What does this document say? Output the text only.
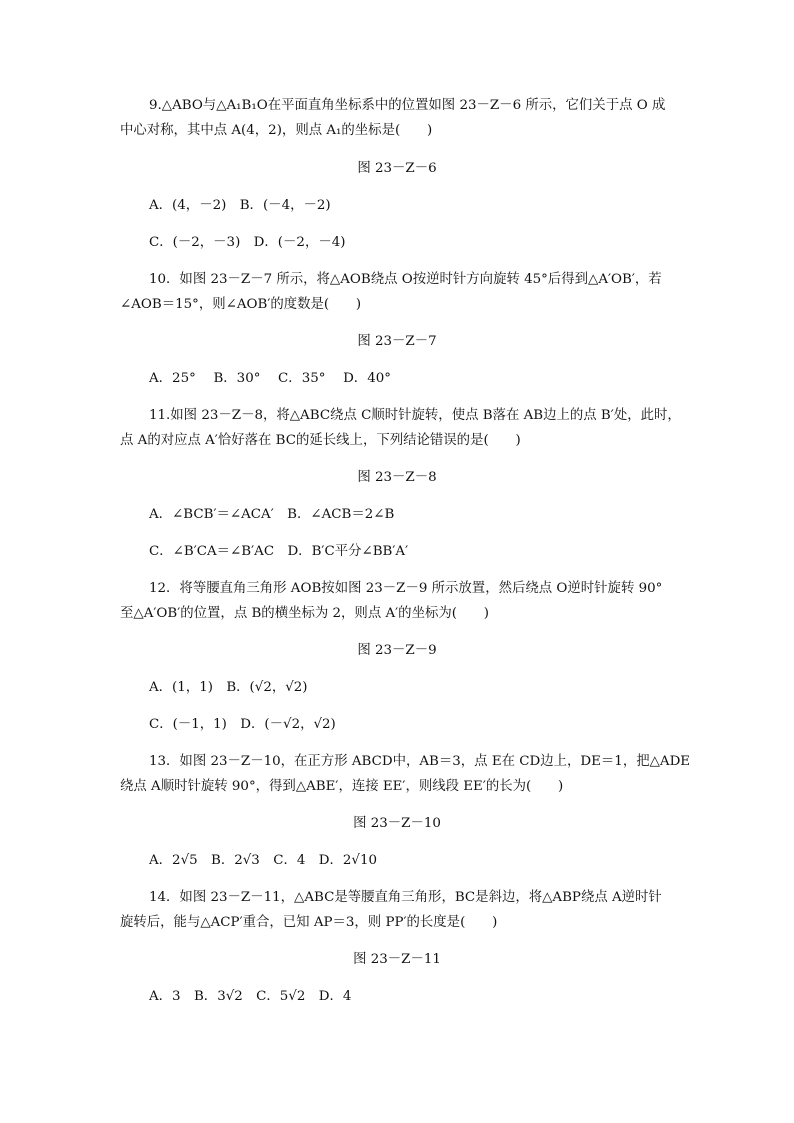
9.△ABO与△A₁B₁O在平面直角坐标系中的位置如图 23－Z－6 所示，它们关于点 O 成
中心对称，其中点 A(4，2)，则点 A₁的坐标是(　　)
图 23－Z－6
A．(4，－2)　B．(－4，－2)
C．(－2，－3)　D．(－2，－4)
10．如图 23－Z－7 所示，将△AOB绕点 O按逆时针方向旋转 45°后得到△A′OB′，若
∠AOB＝15°，则∠AOB′的度数是(　　)
图 23－Z－7
A．25°　 B．30°　 C．35°　 D．40°
11.如图 23－Z－8，将△ABC绕点 C顺时针旋转，使点 B落在 AB边上的点 B′处，此时，
点 A的对应点 A′恰好落在 BC的延长线上，下列结论错误的是(　　)
图 23－Z－8
A．∠BCB′＝∠ACA′　B．∠ACB＝2∠B
C．∠B′CA＝∠B′AC　D．B′C平分∠BB′A′
12．将等腰直角三角形 AOB按如图 23－Z－9 所示放置，然后绕点 O逆时针旋转 90°
至△A′OB′的位置，点 B的横坐标为 2，则点 A′的坐标为(　　)
图 23－Z－9
A．(1，1)　B．(√2，√2)
C．(－1，1)　D．(－√2，√2)
13．如图 23－Z－10，在正方形 ABCD中，AB＝3，点 E在 CD边上，DE＝1，把△ADE
绕点 A顺时针旋转 90°，得到△ABE′，连接 EE′，则线段 EE′的长为(　　)
图 23－Z－10
A．2√5　B．2√3　C．4　D．2√10
14．如图 23－Z－11，△ABC是等腰直角三角形，BC是斜边，将△ABP绕点 A逆时针
旋转后，能与△ACP′重合，已知 AP＝3，则 PP′的长度是(　　)
图 23－Z－11
A．3　B．3√2　C．5√2　D．4
